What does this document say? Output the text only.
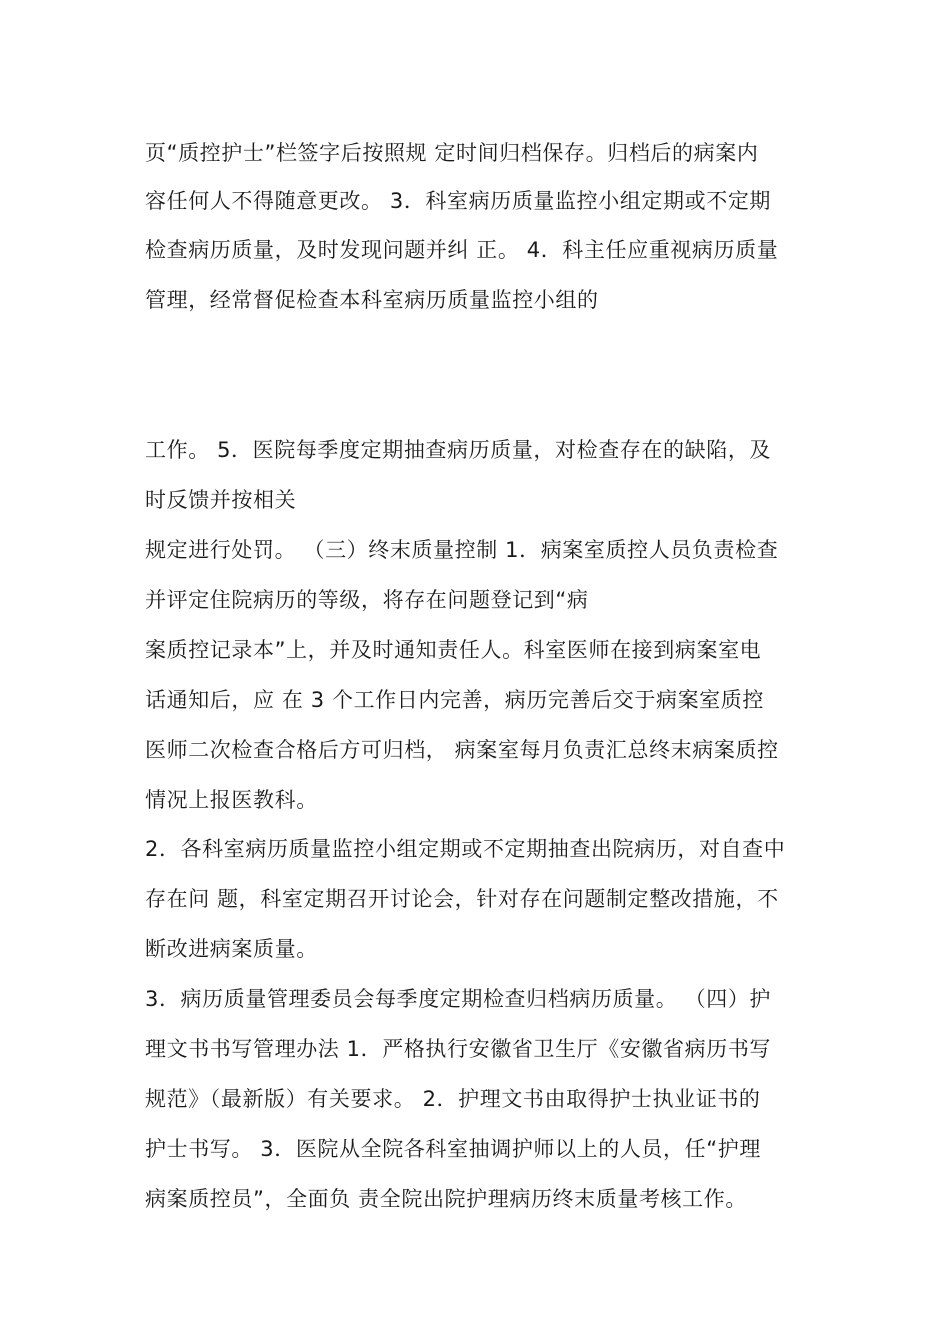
页“质控护士”栏签字后按照规 定时间归档保存。归档后的病案内
容任何人不得随意更改。 3．科室病历质量监控小组定期或不定期
检查病历质量，及时发现问题并纠 正。 4．科主任应重视病历质量
管理，经常督促检查本科室病历质量监控小组的
工作。 5．医院每季度定期抽查病历质量，对检查存在的缺陷，及
时反馈并按相关
规定进行处罚。 （三）终末质量控制 1．病案室质控人员负责检查
并评定住院病历的等级，将存在问题登记到“病
案质控记录本”上，并及时通知责任人。科室医师在接到病案室电
话通知后，应 在 3 个工作日内完善，病历完善后交于病案室质控
医师二次检查合格后方可归档， 病案室每月负责汇总终末病案质控
情况上报医教科。
2．各科室病历质量监控小组定期或不定期抽查出院病历，对自查中
存在问 题，科室定期召开讨论会，针对存在问题制定整改措施，不
断改进病案质量。
3．病历质量管理委员会每季度定期检查归档病历质量。 （四）护
理文书书写管理办法 1．严格执行安徽省卫生厅《安徽省病历书写
规范》（最新版）有关要求。 2．护理文书由取得护士执业证书的
护士书写。 3．医院从全院各科室抽调护师以上的人员，任“护理
病案质控员”，全面负 责全院出院护理病历终末质量考核工作。
